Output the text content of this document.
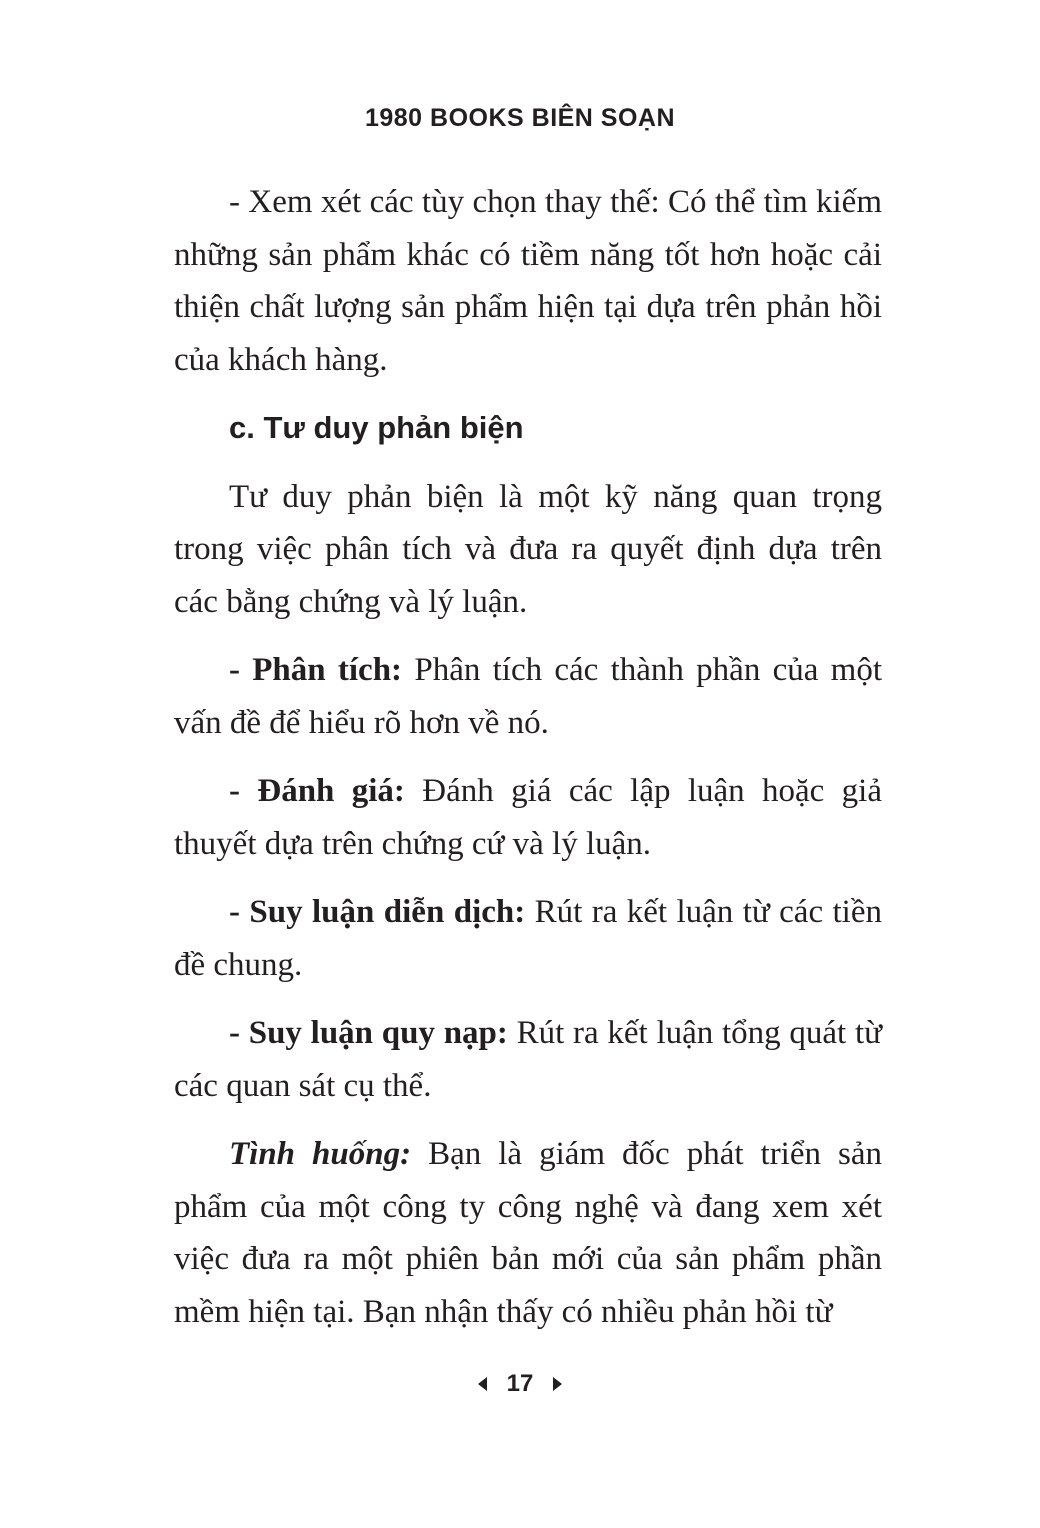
1980 BOOKS BIÊN SOẠN

- Xem xét các tùy chọn thay thế: Có thể tìm kiếm những sản phẩm khác có tiềm năng tốt hơn hoặc cải thiện chất lượng sản phẩm hiện tại dựa trên phản hồi của khách hàng.

c. Tư duy phản biện

Tư duy phản biện là một kỹ năng quan trọng trong việc phân tích và đưa ra quyết định dựa trên các bằng chứng và lý luận.

- Phân tích: Phân tích các thành phần của một vấn đề để hiểu rõ hơn về nó.

- Đánh giá: Đánh giá các lập luận hoặc giả thuyết dựa trên chứng cứ và lý luận.

- Suy luận diễn dịch: Rút ra kết luận từ các tiền đề chung.

- Suy luận quy nạp: Rút ra kết luận tổng quát từ các quan sát cụ thể.

Tình huống: Bạn là giám đốc phát triển sản phẩm của một công ty công nghệ và đang xem xét việc đưa ra một phiên bản mới của sản phẩm phần mềm hiện tại. Bạn nhận thấy có nhiều phản hồi từ

17
